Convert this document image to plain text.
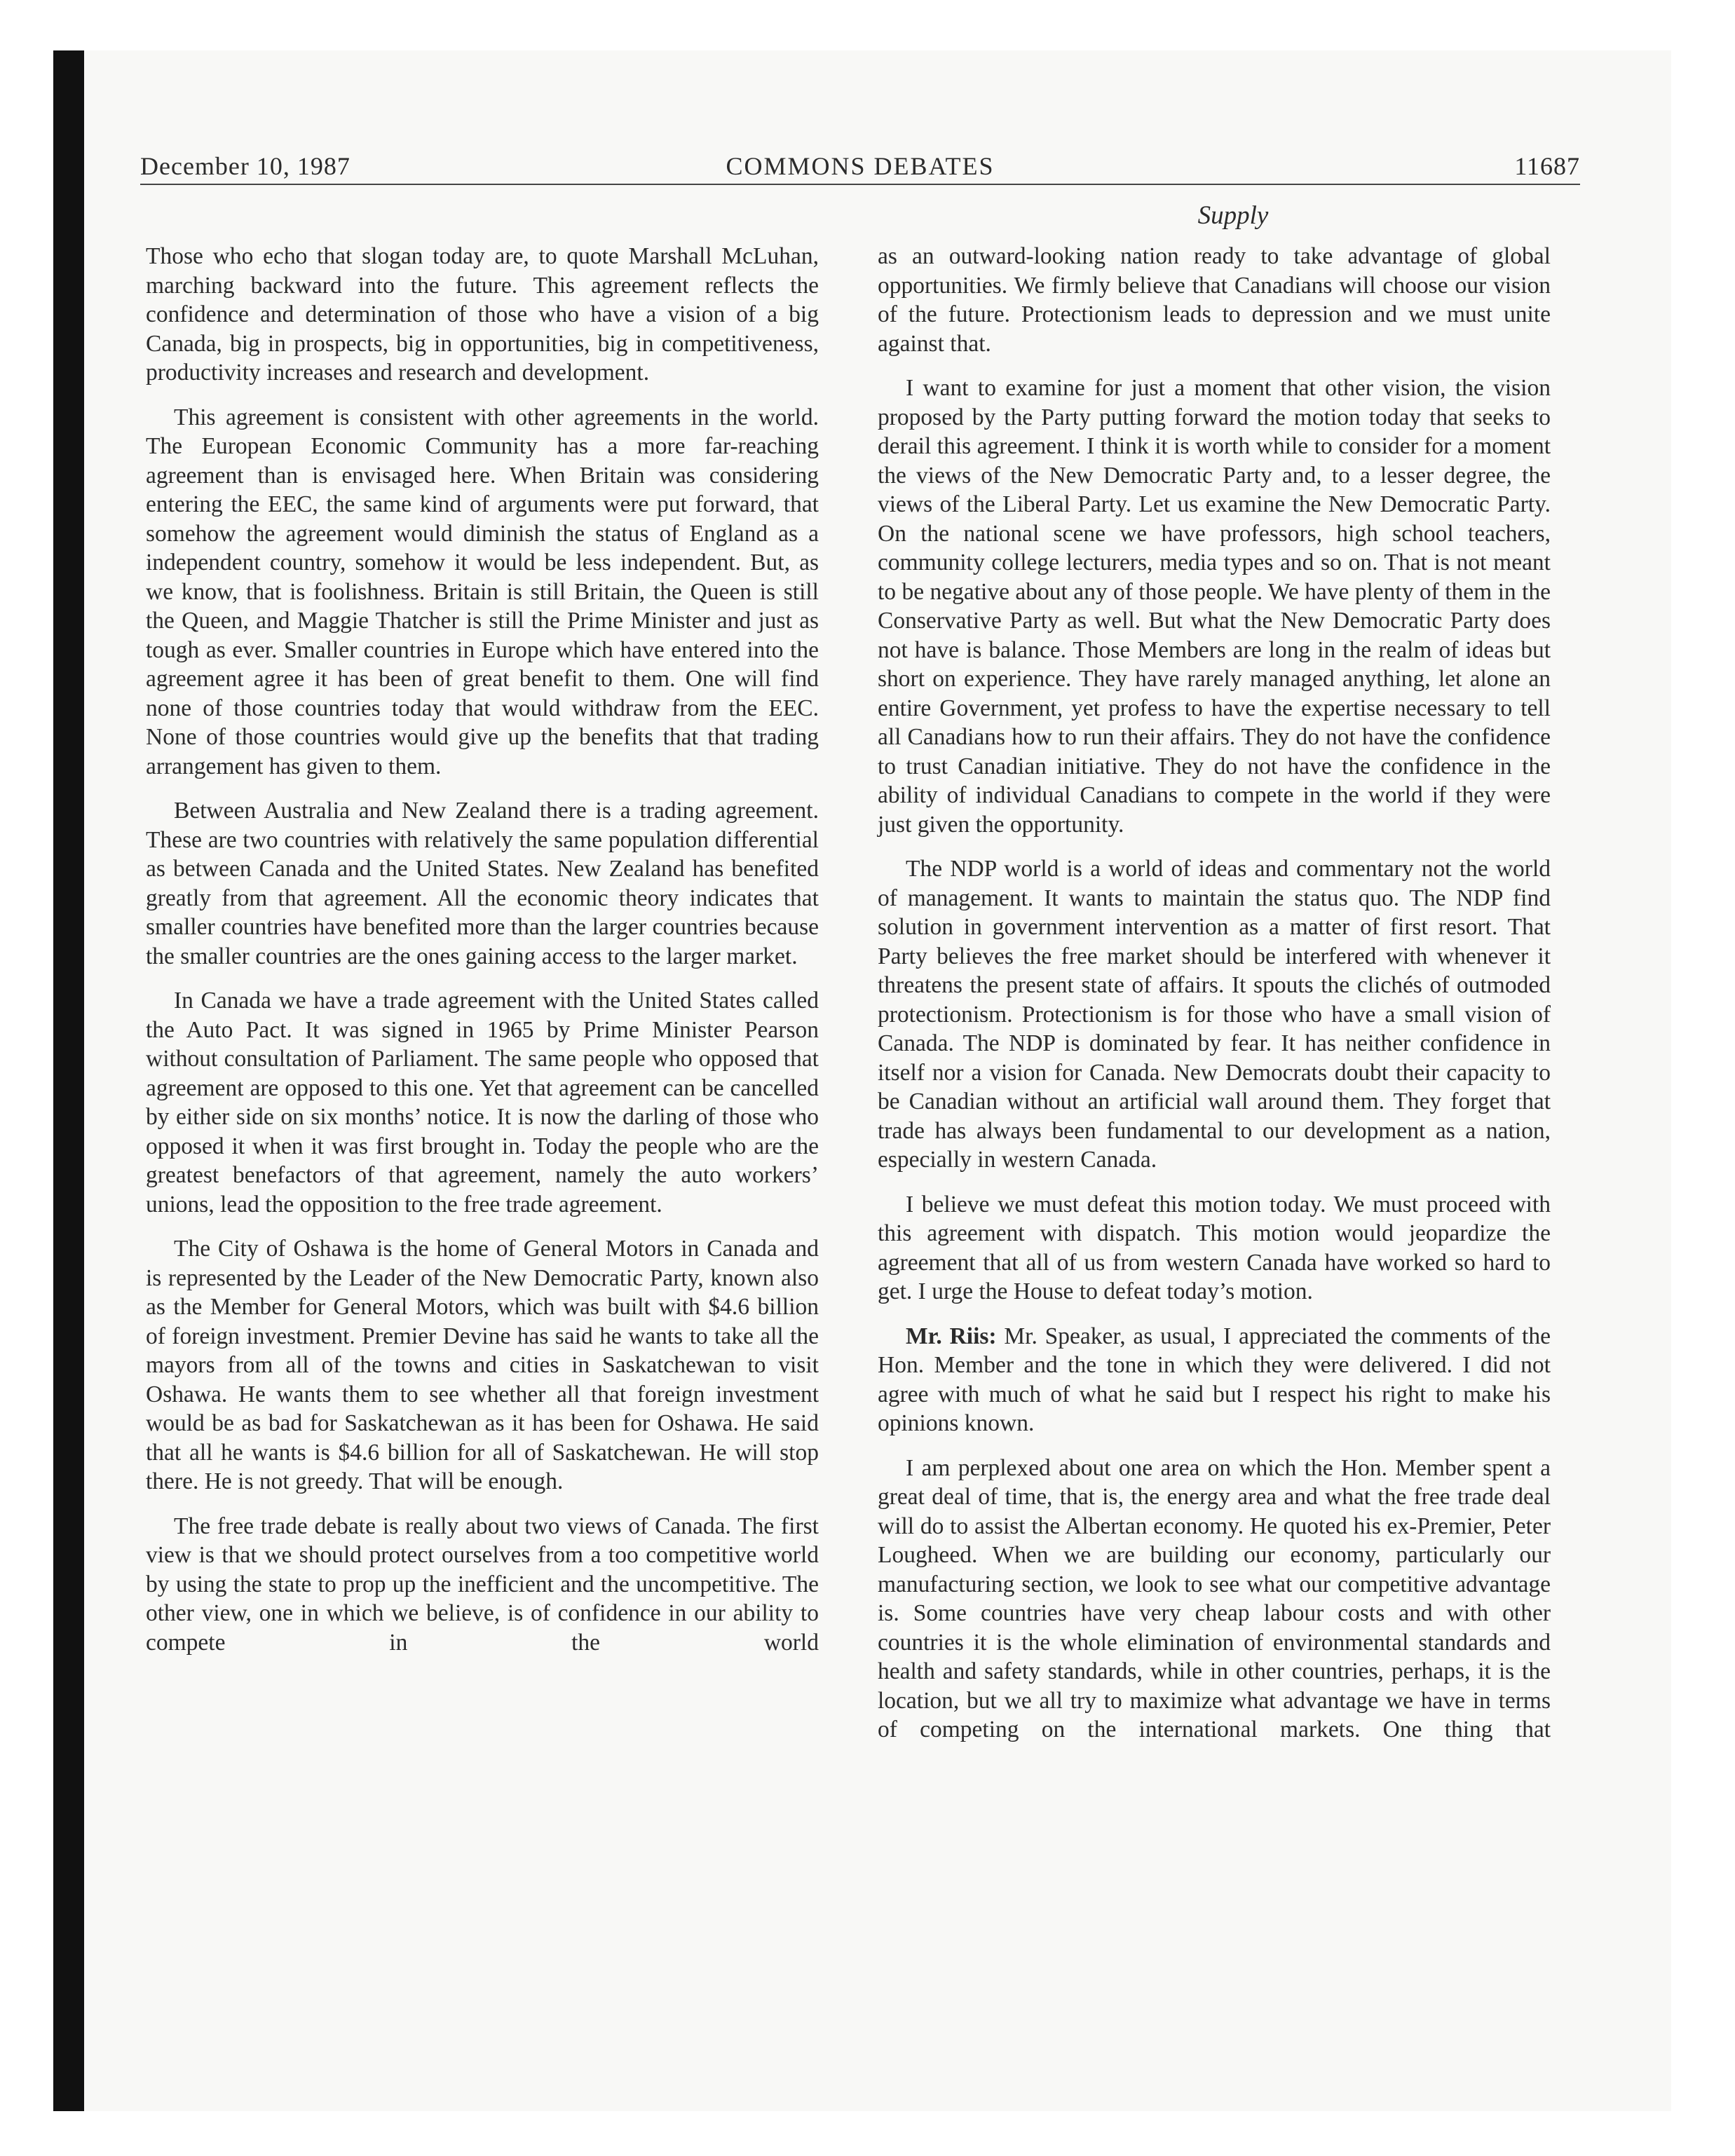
December 10, 1987	COMMONS DEBATES	11687
Supply

Those who echo that slogan today are, to quote Marshall McLuhan, marching backward into the future. This agreement reflects the confidence and determination of those who have a vision of a big Canada, big in prospects, big in opportunities, big in competitiveness, productivity increases and research and development.

This agreement is consistent with other agreements in the world. The European Economic Community has a more far-reaching agreement than is envisaged here. When Britain was considering entering the EEC, the same kind of arguments were put forward, that somehow the agreement would diminish the status of England as a independent country, somehow it would be less independent. But, as we know, that is foolishness. Britain is still Britain, the Queen is still the Queen, and Maggie Thatcher is still the Prime Minister and just as tough as ever. Smaller countries in Europe which have entered into the agreement agree it has been of great benefit to them. One will find none of those countries today that would withdraw from the EEC. None of those countries would give up the benefits that that trading arrangement has given to them.

Between Australia and New Zealand there is a trading agreement. These are two countries with relatively the same population differential as between Canada and the United States. New Zealand has benefited greatly from that agreement. All the economic theory indicates that smaller countries have benefited more than the larger countries because the smaller countries are the ones gaining access to the larger market.

In Canada we have a trade agreement with the United States called the Auto Pact. It was signed in 1965 by Prime Minister Pearson without consultation of Parliament. The same people who opposed that agreement are opposed to this one. Yet that agreement can be cancelled by either side on six months’ notice. It is now the darling of those who opposed it when it was first brought in. Today the people who are the greatest benefactors of that agreement, namely the auto workers’ unions, lead the opposition to the free trade agreement.

The City of Oshawa is the home of General Motors in Canada and is represented by the Leader of the New Democratic Party, known also as the Member for General Motors, which was built with $4.6 billion of foreign investment. Premier Devine has said he wants to take all the mayors from all of the towns and cities in Saskatchewan to visit Oshawa. He wants them to see whether all that foreign investment would be as bad for Saskatchewan as it has been for Oshawa. He said that all he wants is $4.6 billion for all of Saskatchewan. He will stop there. He is not greedy. That will be enough.

The free trade debate is really about two views of Canada. The first view is that we should protect ourselves from a too competitive world by using the state to prop up the inefficient and the uncompetitive. The other view, one in which we believe, is of confidence in our ability to compete in the world

as an outward-looking nation ready to take advantage of global opportunities. We firmly believe that Canadians will choose our vision of the future. Protectionism leads to depression and we must unite against that.

I want to examine for just a moment that other vision, the vision proposed by the Party putting forward the motion today that seeks to derail this agreement. I think it is worth while to consider for a moment the views of the New Democratic Party and, to a lesser degree, the views of the Liberal Party. Let us examine the New Democratic Party. On the national scene we have professors, high school teachers, community college lecturers, media types and so on. That is not meant to be negative about any of those people. We have plenty of them in the Conservative Party as well. But what the New Democratic Party does not have is balance. Those Members are long in the realm of ideas but short on experience. They have rarely managed anything, let alone an entire Government, yet profess to have the expertise necessary to tell all Canadians how to run their affairs. They do not have the confidence to trust Canadian initiative. They do not have the confidence in the ability of individual Canadians to compete in the world if they were just given the opportunity.

The NDP world is a world of ideas and commentary not the world of management. It wants to maintain the status quo. The NDP find solution in government intervention as a matter of first resort. That Party believes the free market should be interfered with whenever it threatens the present state of affairs. It spouts the clichés of outmoded protectionism. Protectionism is for those who have a small vision of Canada. The NDP is dominated by fear. It has neither confidence in itself nor a vision for Canada. New Democrats doubt their capacity to be Canadian without an artificial wall around them. They forget that trade has always been fundamental to our development as a nation, especially in western Canada.

I believe we must defeat this motion today. We must proceed with this agreement with dispatch. This motion would jeopardize the agreement that all of us from western Canada have worked so hard to get. I urge the House to defeat today’s motion.

Mr. Riis: Mr. Speaker, as usual, I appreciated the comments of the Hon. Member and the tone in which they were delivered. I did not agree with much of what he said but I respect his right to make his opinions known.

I am perplexed about one area on which the Hon. Member spent a great deal of time, that is, the energy area and what the free trade deal will do to assist the Albertan economy. He quoted his ex-Premier, Peter Lougheed. When we are building our economy, particularly our manufacturing section, we look to see what our competitive advantage is. Some countries have very cheap labour costs and with other countries it is the whole elimination of environmental standards and health and safety standards, while in other countries, perhaps, it is the location, but we all try to maximize what advantage we have in terms of competing on the international markets. One thing that
